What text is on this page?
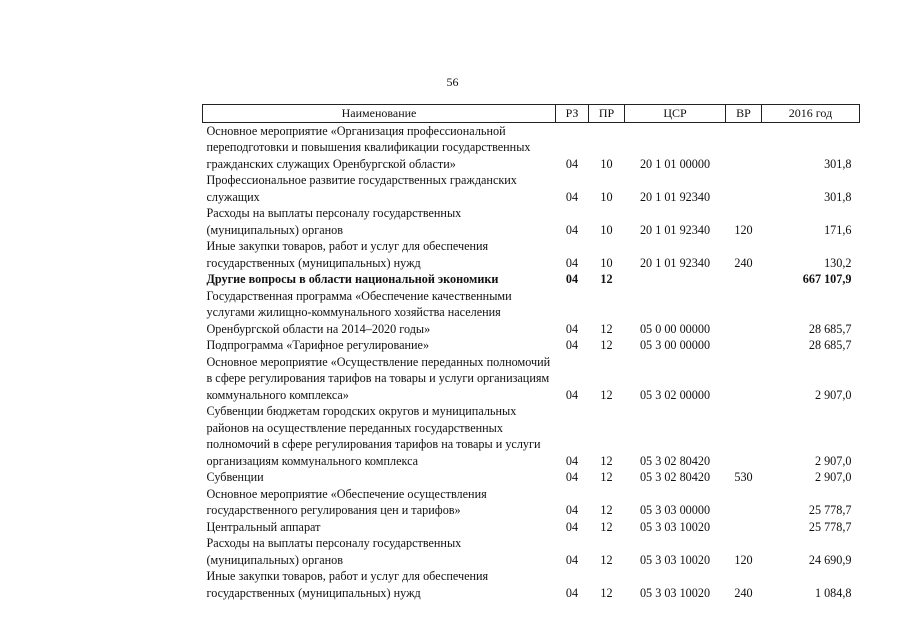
56
Наименование	РЗ	ПР	ЦСР	ВР	2016 год
Основное мероприятие «Организация профессиональной переподготовки и повышения квалификации государственных гражданских служащих Оренбургской области»	04	10	20 1 01 00000		301,8
Профессиональное развитие государственных гражданских служащих	04	10	20 1 01 92340		301,8
Расходы на выплаты персоналу государственных (муниципальных) органов	04	10	20 1 01 92340	120	171,6
Иные закупки товаров, работ и услуг для обеспечения государственных (муниципальных) нужд	04	10	20 1 01 92340	240	130,2
Другие вопросы в области национальной экономики	04	12			667 107,9
Государственная программа «Обеспечение качественными услугами жилищно-коммунального хозяйства населения Оренбургской области на 2014–2020 годы»	04	12	05 0 00 00000		28 685,7
Подпрограмма «Тарифное регулирование»	04	12	05 3 00 00000		28 685,7
Основное мероприятие «Осуществление переданных полномочий в сфере регулирования тарифов на товары и услуги организациям коммунального комплекса»	04	12	05 3 02 00000		2 907,0
Субвенции бюджетам городских округов и муниципальных районов на осуществление переданных государственных полномочий в сфере регулирования тарифов на товары и услуги организациям коммунального комплекса	04	12	05 3 02 80420		2 907,0
Субвенции	04	12	05 3 02 80420	530	2 907,0
Основное мероприятие «Обеспечение осуществления государственного регулирования цен и тарифов»	04	12	05 3 03 00000		25 778,7
Центральный аппарат	04	12	05 3 03 10020		25 778,7
Расходы на выплаты персоналу государственных (муниципальных) органов	04	12	05 3 03 10020	120	24 690,9
Иные закупки товаров, работ и услуг для обеспечения государственных (муниципальных) нужд	04	12	05 3 03 10020	240	1 084,8
